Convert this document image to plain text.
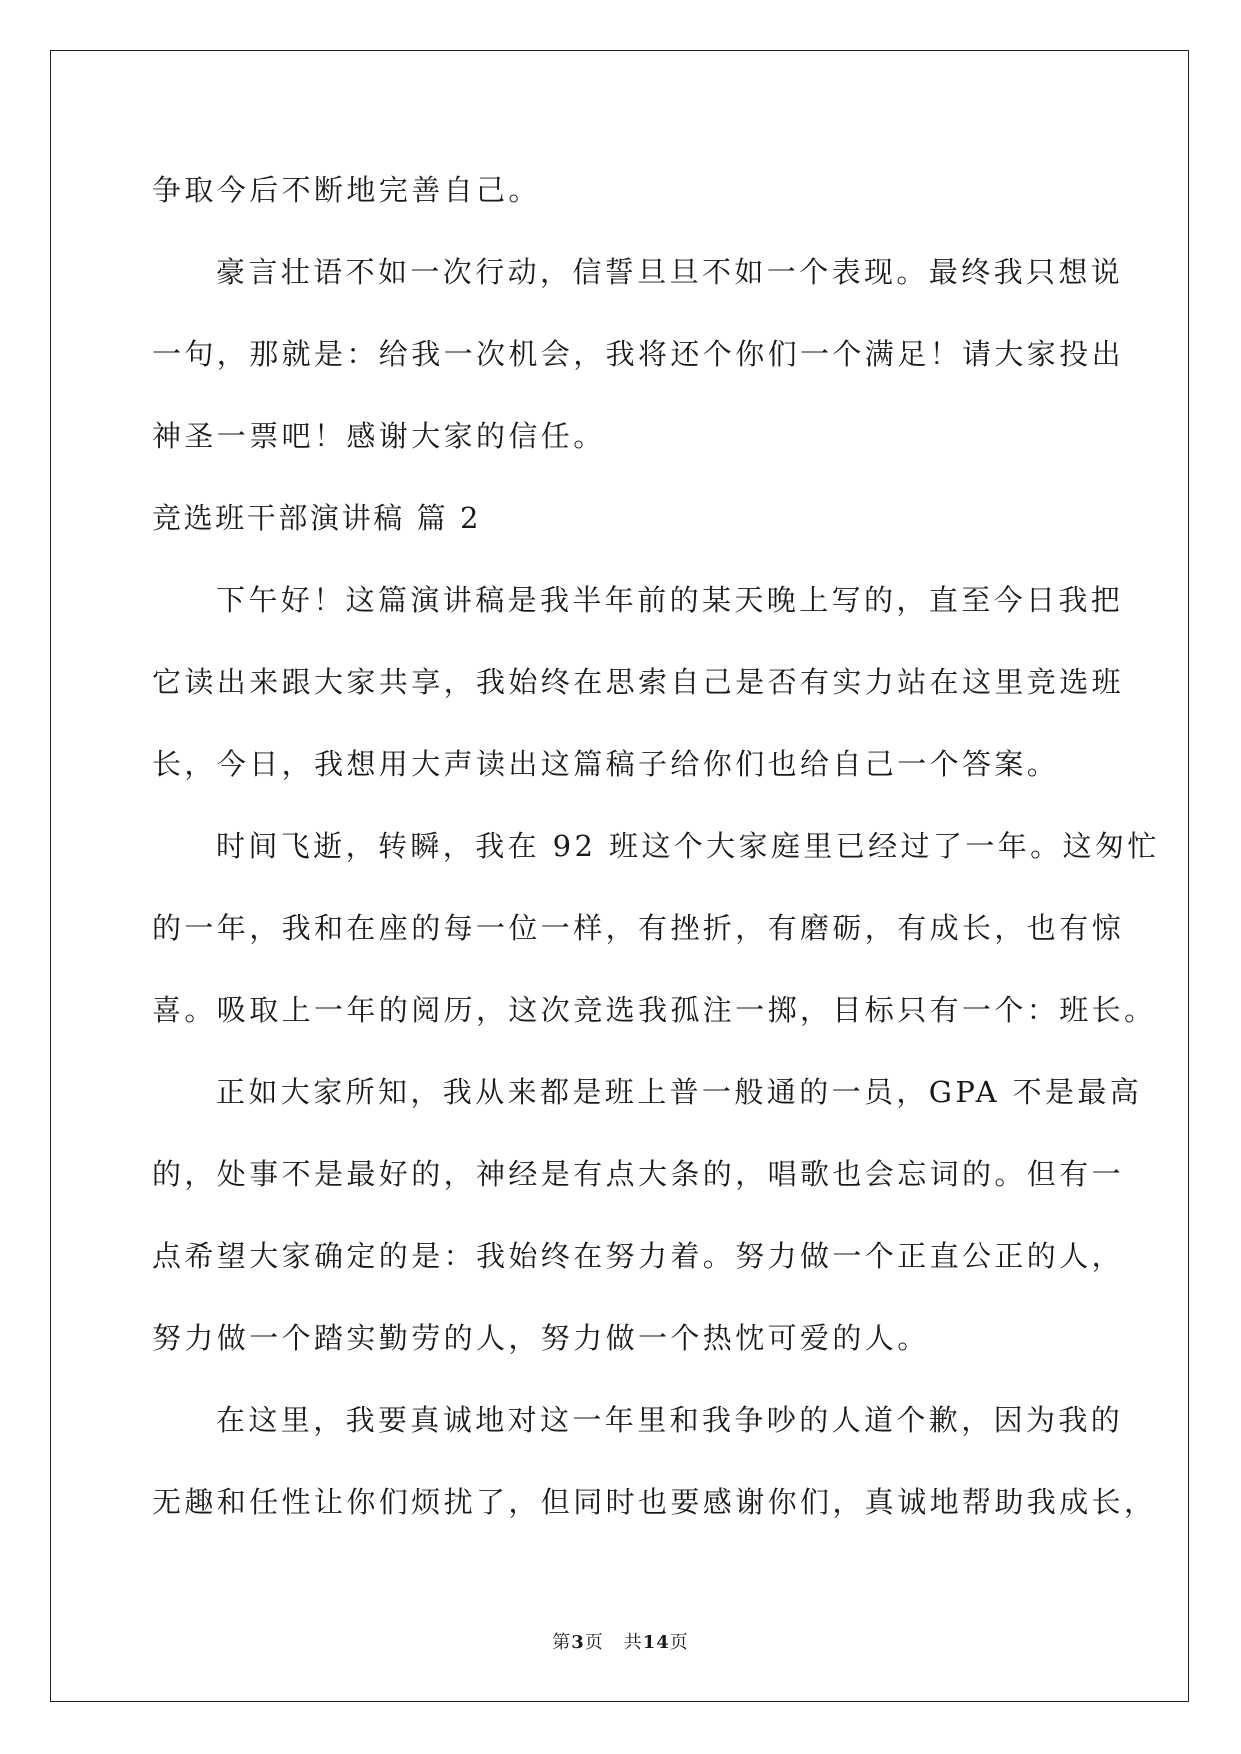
争取今后不断地完善自己。
豪言壮语不如一次行动，信誓旦旦不如一个表现。最终我只想说
一句，那就是：给我一次机会，我将还个你们一个满足！请大家投出
神圣一票吧！感谢大家的信任。
竞选班干部演讲稿 篇 2
下午好！这篇演讲稿是我半年前的某天晚上写的，直至今日我把
它读出来跟大家共享，我始终在思索自己是否有实力站在这里竞选班
长，今日，我想用大声读出这篇稿子给你们也给自己一个答案。
时间飞逝，转瞬，我在 92 班这个大家庭里已经过了一年。这匆忙
的一年，我和在座的每一位一样，有挫折，有磨砺，有成长，也有惊
喜。吸取上一年的阅历，这次竞选我孤注一掷，目标只有一个：班长。
正如大家所知，我从来都是班上普一般通的一员，GPA 不是最高
的，处事不是最好的，神经是有点大条的，唱歌也会忘词的。但有一
点希望大家确定的是：我始终在努力着。努力做一个正直公正的人，
努力做一个踏实勤劳的人，努力做一个热忱可爱的人。
在这里，我要真诚地对这一年里和我争吵的人道个歉，因为我的
无趣和任性让你们烦扰了，但同时也要感谢你们，真诚地帮助我成长，
第3页 共14页
